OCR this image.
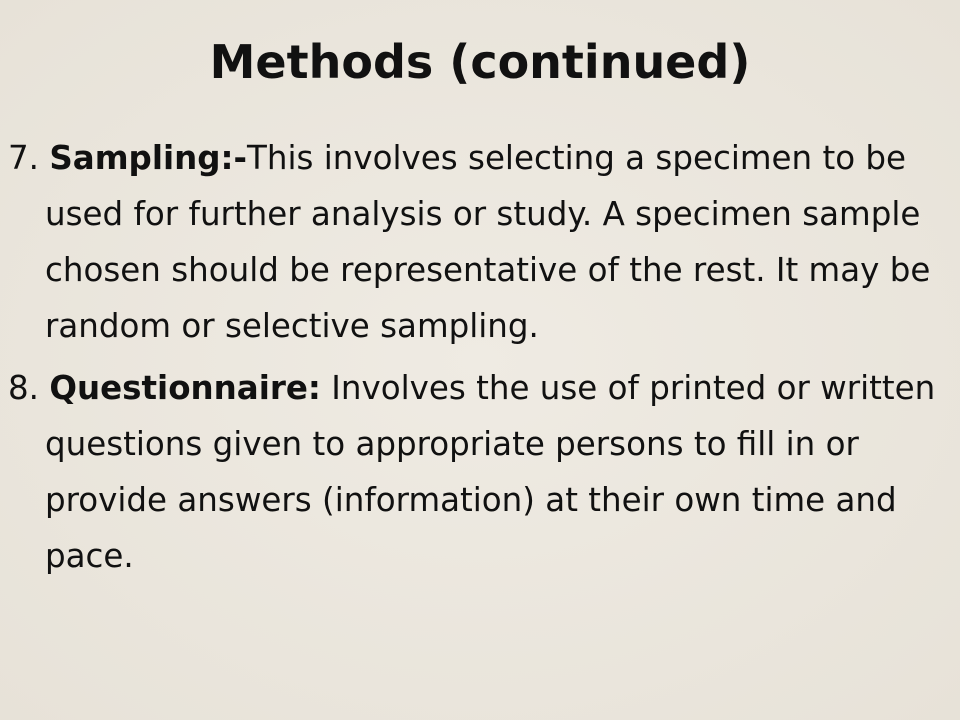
Methods (continued)

7. Sampling:-This involves selecting a specimen to be used for further analysis or study. A specimen sample chosen should be representative of the rest. It may be random or selective sampling.

8. Questionnaire: Involves the use of printed or written questions given to appropriate persons to fill in or provide answers (information) at their own time and pace.
